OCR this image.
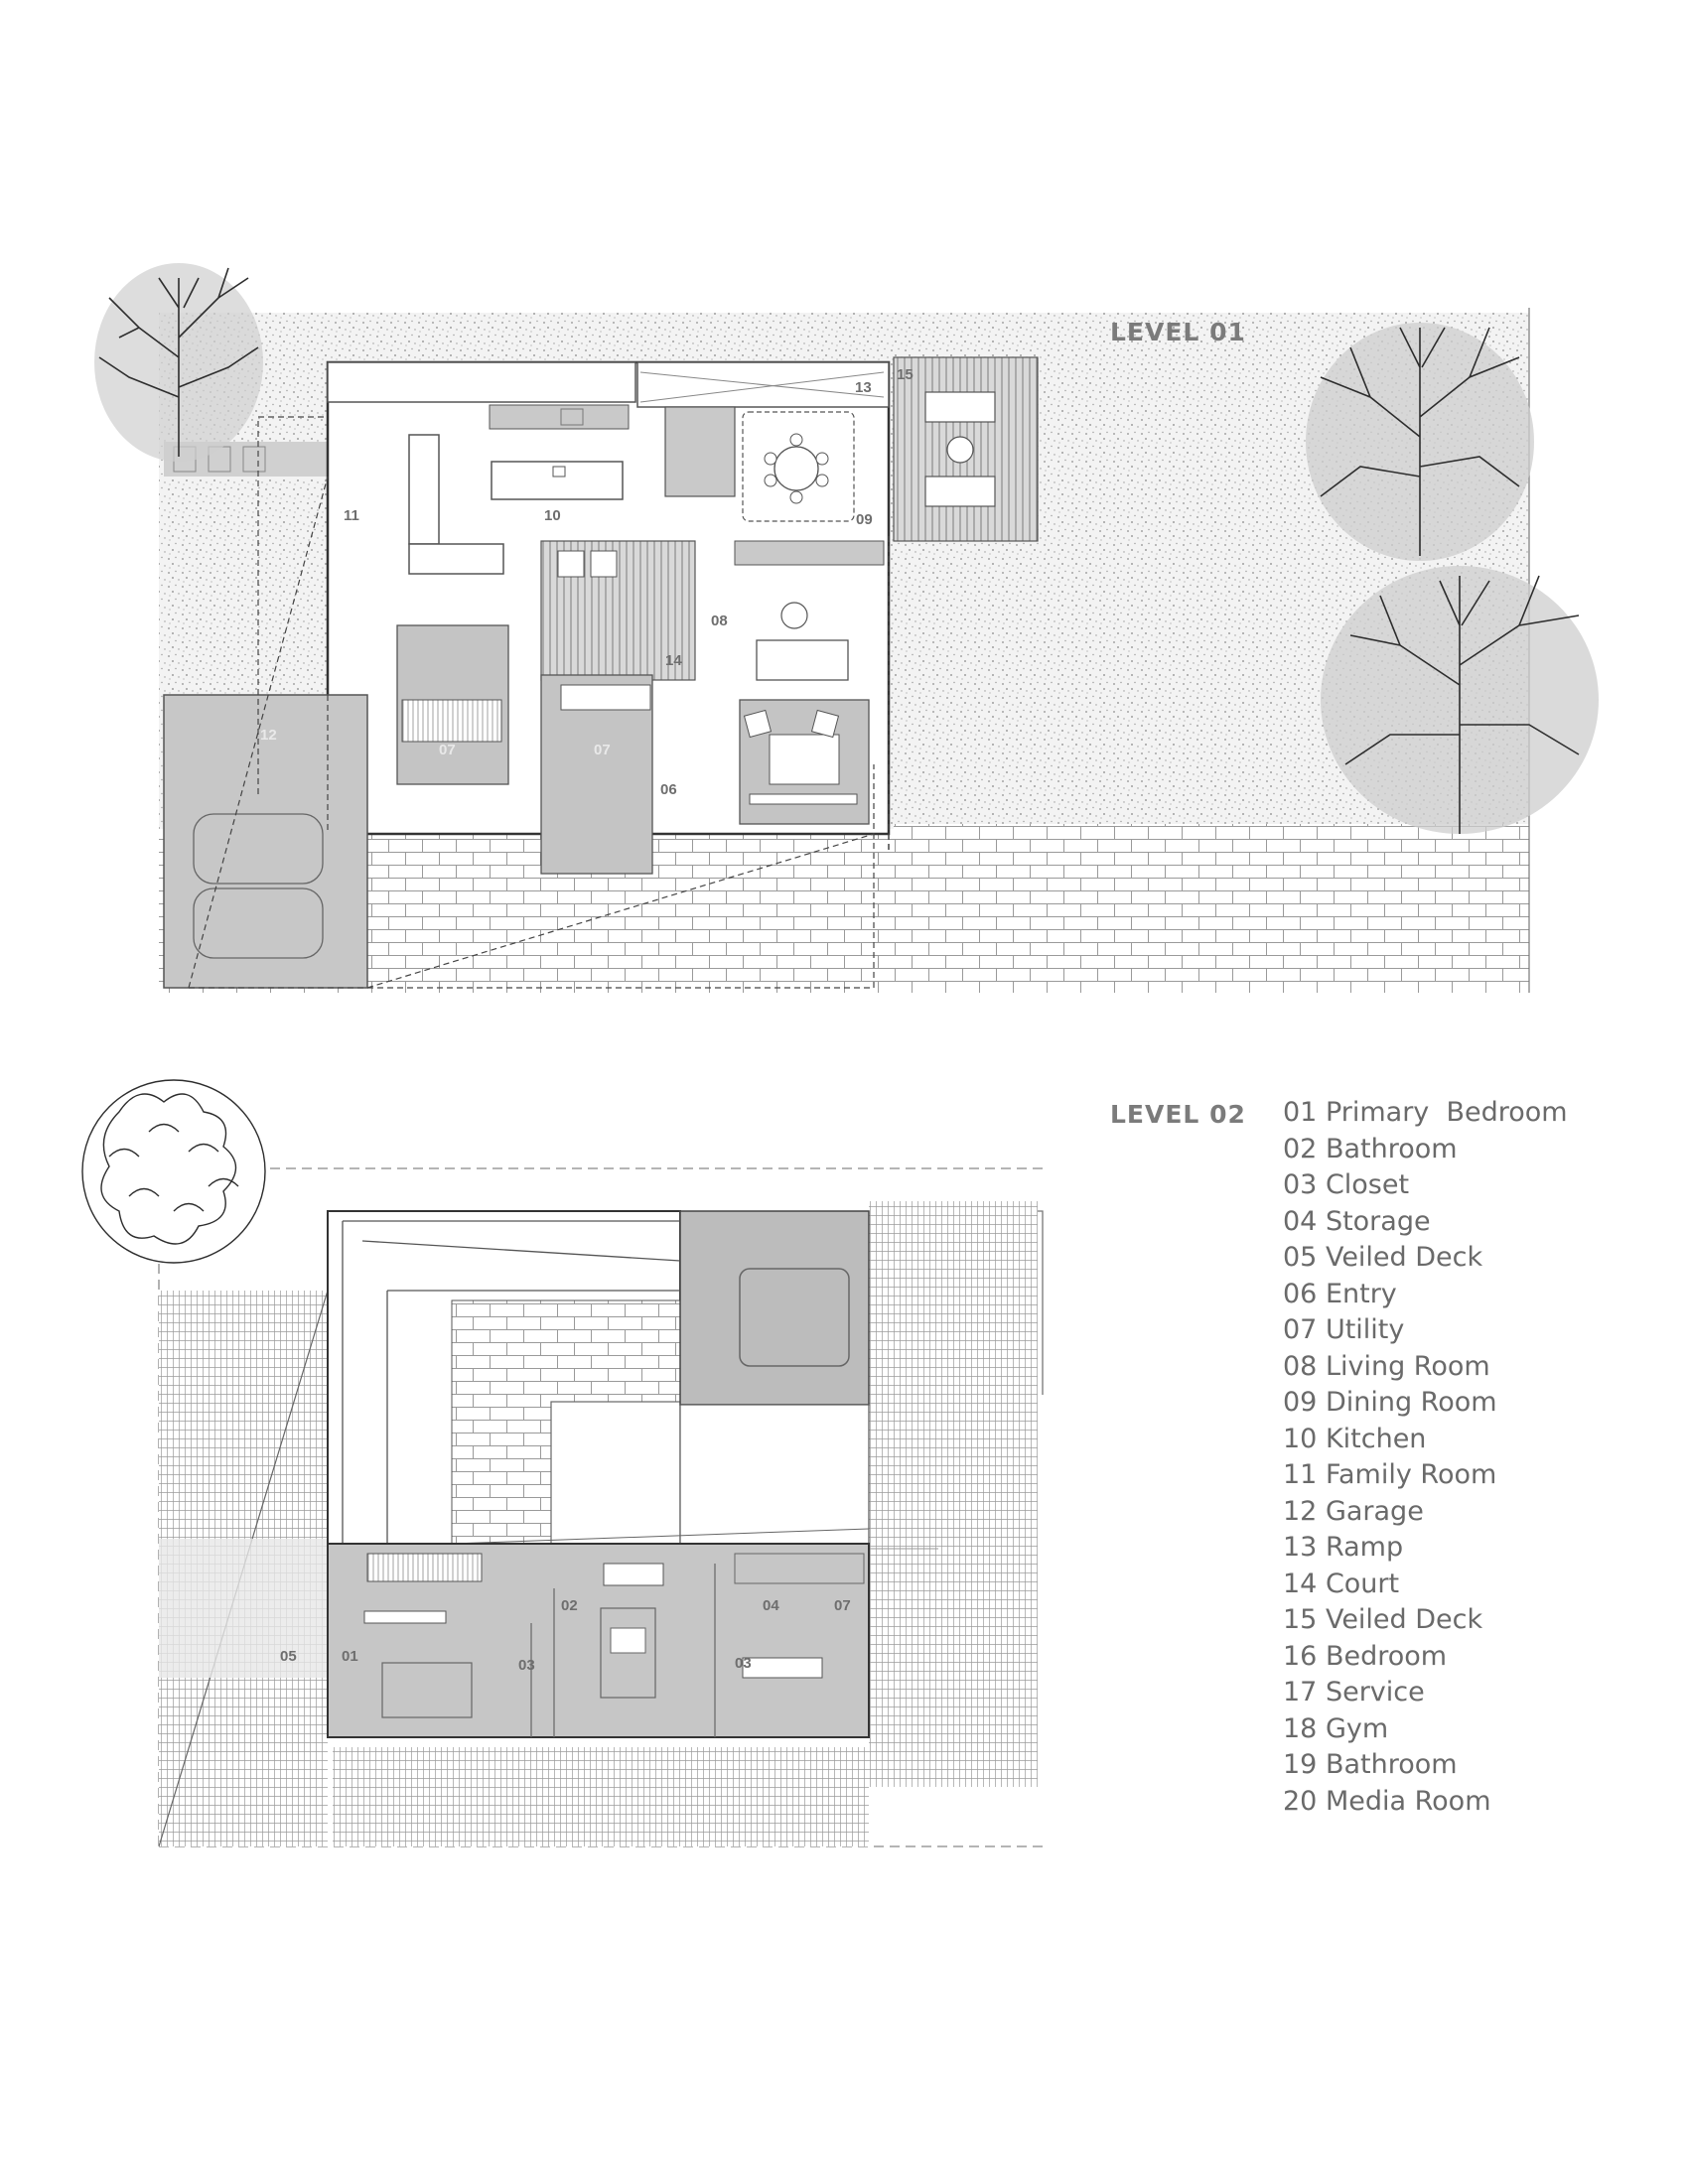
11	10	09
13
15
08
14
12
07	07
06
05	01
02
03	03
04	07
LEVEL 01
LEVEL 02 01 Primary  Bedroom
02 Bathroom
03 Closet
04 Storage
05 Veiled Deck
06 Entry
07 Utility
08 Living Room
09 Dining Room
10 Kitchen
11 Family Room
12 Garage
13 Ramp
14 Court
15 Veiled Deck
16 Bedroom
17 Service
18 Gym
19 Bathroom
20 Media Room
